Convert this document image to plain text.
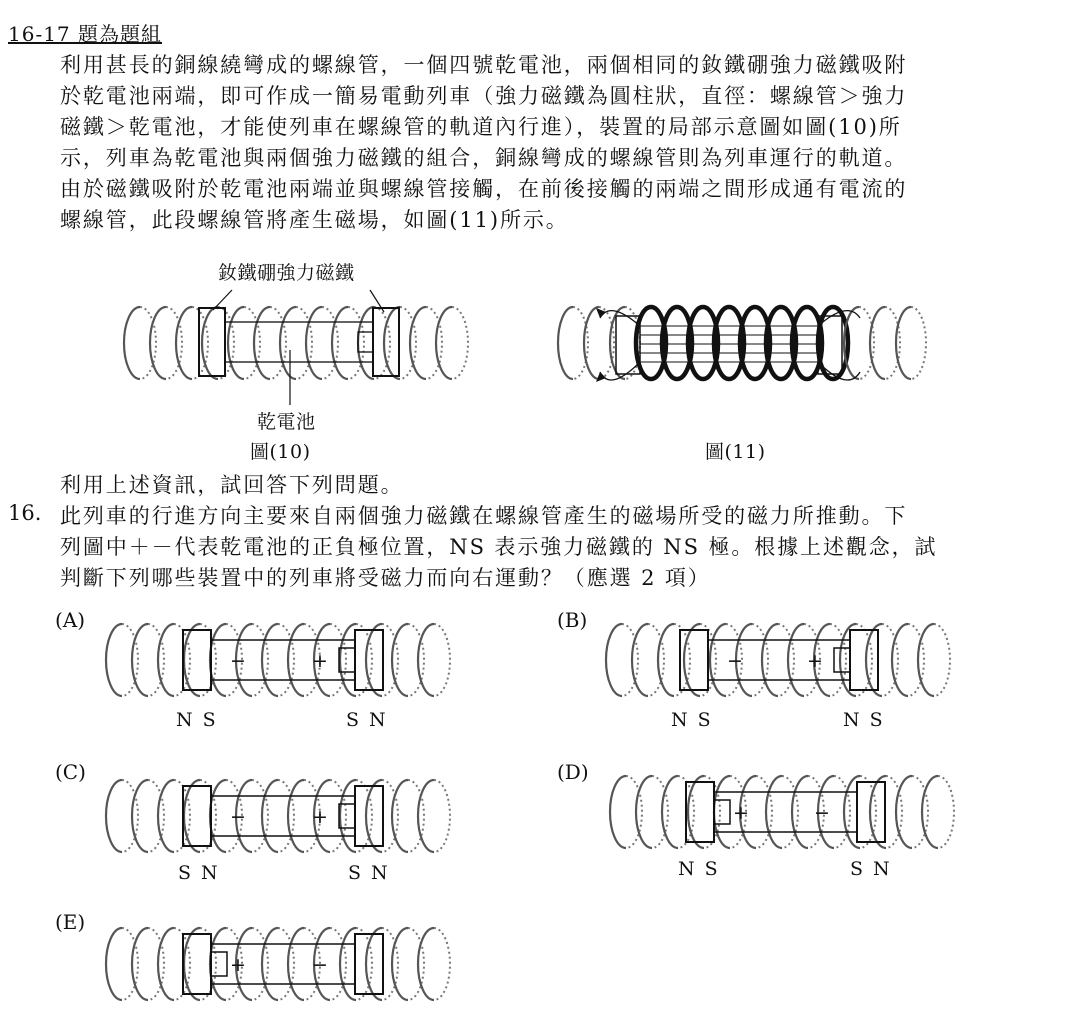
16-17 題為題組
利用甚長的銅線繞彎成的螺線管，一個四號乾電池，兩個相同的釹鐵硼強力磁鐵吸附
於乾電池兩端，即可作成一簡易電動列車（強力磁鐵為圓柱狀，直徑：螺線管＞強力
磁鐵＞乾電池，才能使列車在螺線管的軌道內行進），裝置的局部示意圖如圖(10)所
示，列車為乾電池與兩個強力磁鐵的組合，銅線彎成的螺線管則為列車運行的軌道。
由於磁鐵吸附於乾電池兩端並與螺線管接觸，在前後接觸的兩端之間形成通有電流的
螺線管，此段螺線管將產生磁場，如圖(11)所示。
釹鐵硼強力磁鐵
乾電池
圖(10)	圖(11)
利用上述資訊，試回答下列問題。
16. 此列車的行進方向主要來自兩個強力磁鐵在螺線管產生的磁場所受的磁力所推動。下
列圖中＋－代表乾電池的正負極位置，NS 表示強力磁鐵的 NS 極。根據上述觀念，試
判斷下列哪些裝置中的列車將受磁力而向右運動？（應選 2 項）
(A)	(B)
(C)	(D)
(E)
N S	S N	N S	N S
S N	S N	N S	S N
−	+	−	+
−	+	+	−
+	−
